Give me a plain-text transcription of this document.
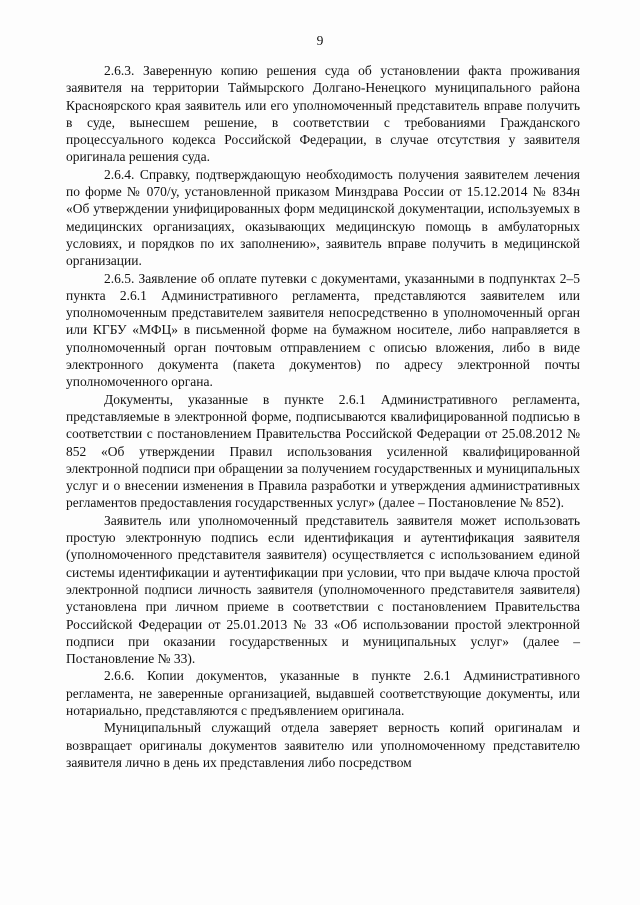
9

2.6.3. Заверенную копию решения суда об установлении факта проживания заявителя на территории Таймырского Долгано-Ненецкого муниципального района Красноярского края заявитель или его уполномоченный представитель вправе получить в суде, вынесшем решение, в соответствии с требованиями Гражданского процессуального кодекса Российской Федерации, в случае отсутствия у заявителя оригинала решения суда.

2.6.4. Справку, подтверждающую необходимость получения заявителем лечения по форме № 070/у, установленной приказом Минздрава России от 15.12.2014 № 834н «Об утверждении унифицированных форм медицинской документации, используемых в медицинских организациях, оказывающих медицинскую помощь в амбулаторных условиях, и порядков по их заполнению», заявитель вправе получить в медицинской организации.

2.6.5. Заявление об оплате путевки с документами, указанными в подпунктах 2–5 пункта 2.6.1 Административного регламента, представляются заявителем или уполномоченным представителем заявителя непосредственно в уполномоченный орган или КГБУ «МФЦ» в письменной форме на бумажном носителе, либо направляется в уполномоченный орган почтовым отправлением с описью вложения, либо в виде электронного документа (пакета документов) по адресу электронной почты уполномоченного органа.

Документы, указанные в пункте 2.6.1 Административного регламента, представляемые в электронной форме, подписываются квалифицированной подписью в соответствии с постановлением Правительства Российской Федерации от 25.08.2012 № 852 «Об утверждении Правил использования усиленной квалифицированной электронной подписи при обращении за получением государственных и муниципальных услуг и о внесении изменения в Правила разработки и утверждения административных регламентов предоставления государственных услуг» (далее – Постановление № 852).

Заявитель или уполномоченный представитель заявителя может использовать простую электронную подпись если идентификация и аутентификация заявителя (уполномоченного представителя заявителя) осуществляется с использованием единой системы идентификации и аутентификации при условии, что при выдаче ключа простой электронной подписи личность заявителя (уполномоченного представителя заявителя) установлена при личном приеме в соответствии с постановлением Правительства Российской Федерации от 25.01.2013 № 33 «Об использовании простой электронной подписи при оказании государственных и муниципальных услуг» (далее – Постановление № 33).

2.6.6. Копии документов, указанные в пункте 2.6.1 Административного регламента, не заверенные организацией, выдавшей соответствующие документы, или нотариально, представляются с предъявлением оригинала.

Муниципальный служащий отдела заверяет верность копий оригиналам и возвращает оригиналы документов заявителю или уполномоченному представителю заявителя лично в день их представления либо посредством
